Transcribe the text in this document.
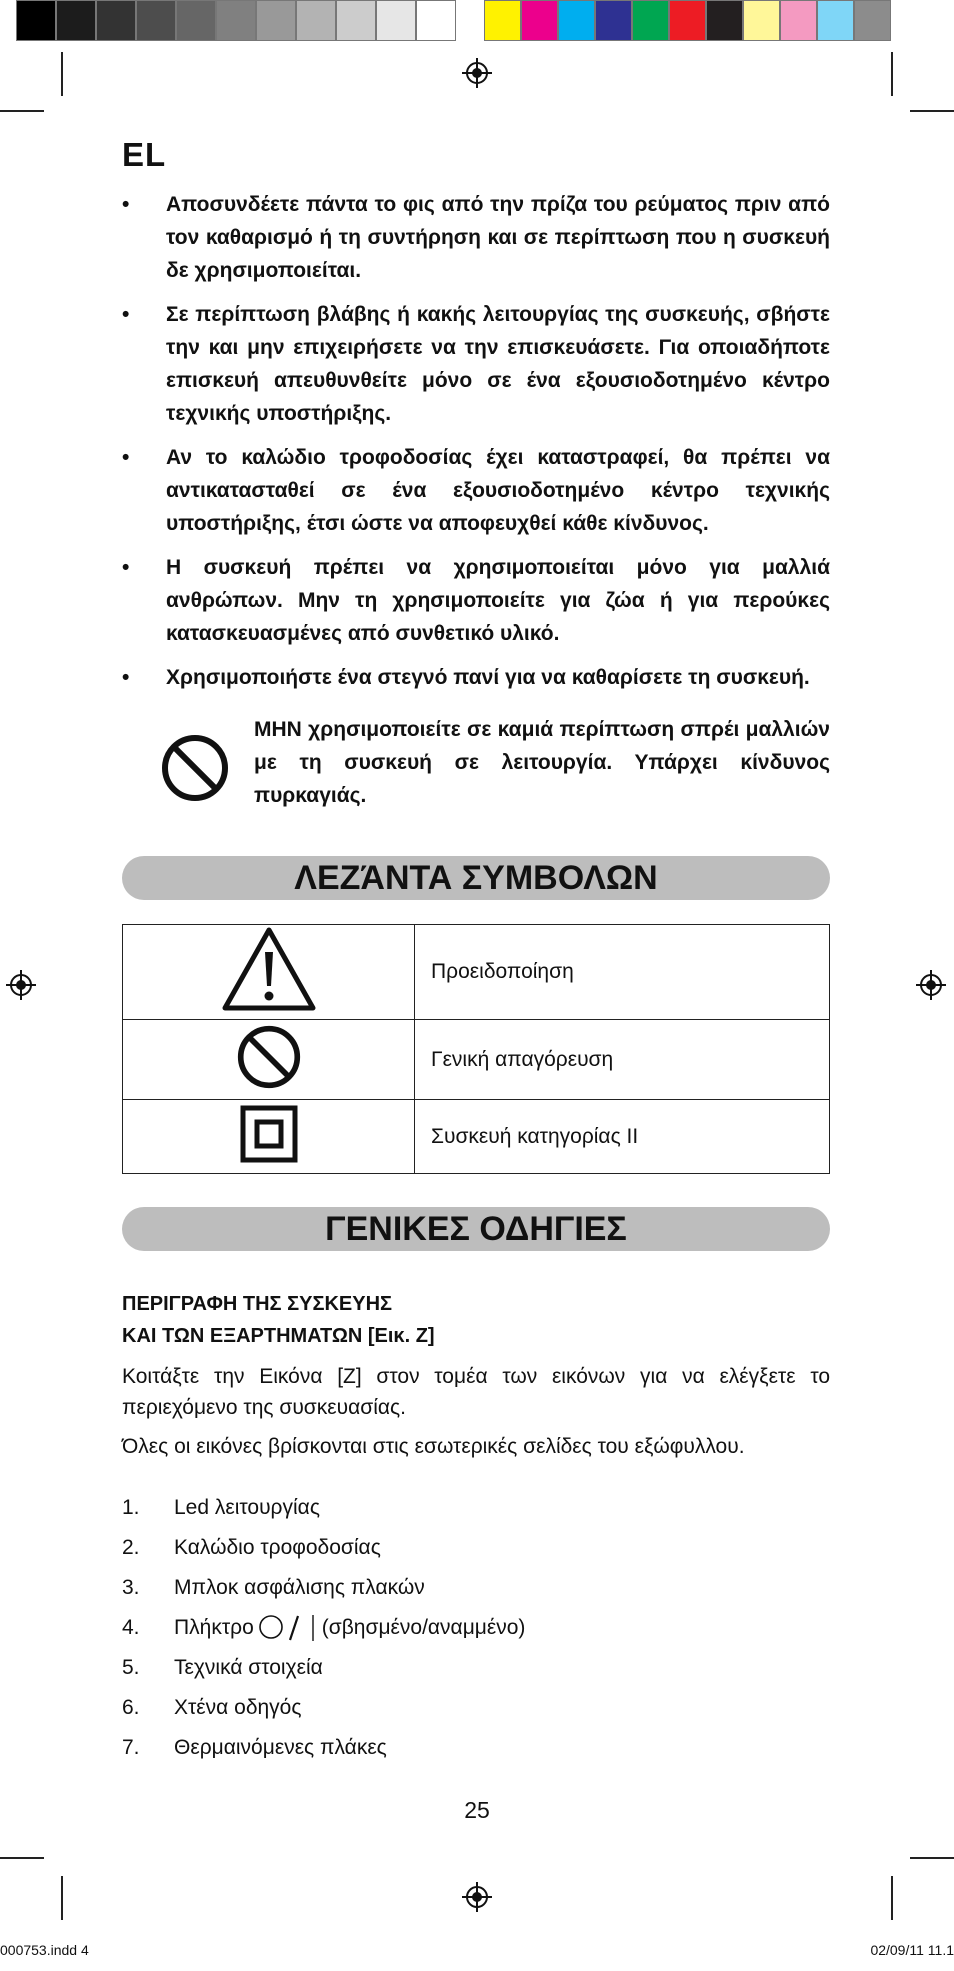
EL
• Αποσυνδέετε πάντα το φις από την πρίζα του ρεύματος πριν από τον καθαρισμό ή τη συντήρηση και σε περίπτωση που η συσκευή δε χρησιμοποιείται.
• Σε περίπτωση βλάβης ή κακής λειτουργίας της συσκευής, σβήστε την και μην επιχειρήσετε να την επισκευάσετε. Για οποιαδήποτε επισκευή απευθυνθείτε μόνο σε ένα εξουσιοδοτημένο κέντρο τεχνικής υποστήριξης.
• Αν το καλώδιο τροφοδοσίας έχει καταστραφεί, θα πρέπει να αντικατασταθεί σε ένα εξουσιοδοτημένο κέντρο τεχνικής υποστήριξης, έτσι ώστε να αποφευχθεί κάθε κίνδυνος.
• Η συσκευή πρέπει να χρησιμοποιείται μόνο για μαλλιά ανθρώπων. Μην τη χρησιμοποιείτε για ζώα ή για περούκες κατασκευασμένες από συνθετικό υλικό.
• Χρησιμοποιήστε ένα στεγνό πανί για να καθαρίσετε τη συσκευή.
ΜΗΝ χρησιμοποιείτε σε καμιά περίπτωση σπρέι μαλλιών με τη συσκευή σε λειτουργία. Υπάρχει κίνδυνος πυρκαγιάς.
ΛΕΖΆΝΤΑ ΣΥΜΒΟΛΩΝ
	Προειδοποίηση
	Γενική απαγόρευση
	Συσκευή κατηγορίας II
ΓΕΝΙΚΕΣ ΟΔΗΓΙΕΣ
ΠΕΡΙΓΡΑΦΗ ΤΗΣ ΣΥΣΚΕΥΗΣ
ΚΑΙ ΤΩΝ ΕΞΑΡΤΗΜΑΤΩΝ [Εικ. Ζ]
Κοιτάξτε την Εικόνα [Z] στον τομέα των εικόνων για να ελέγξετε το περιεχόμενο της συσκευασίας.
Όλες οι εικόνες βρίσκονται στις εσωτερικές σελίδες του εξώφυλλου.
1.	Led λειτουργίας
2.	Καλώδιο τροφοδοσίας
3.	Μπλοκ ασφάλισης πλακών
4.	Πλήκτρο	(σβησμένο/αναμμένο)
5.	Τεχνικά στοιχεία
6.	Χτένα οδηγός
7.	Θερμαινόμενες πλάκες
25
000753.indd 4	02/09/11 11.1
